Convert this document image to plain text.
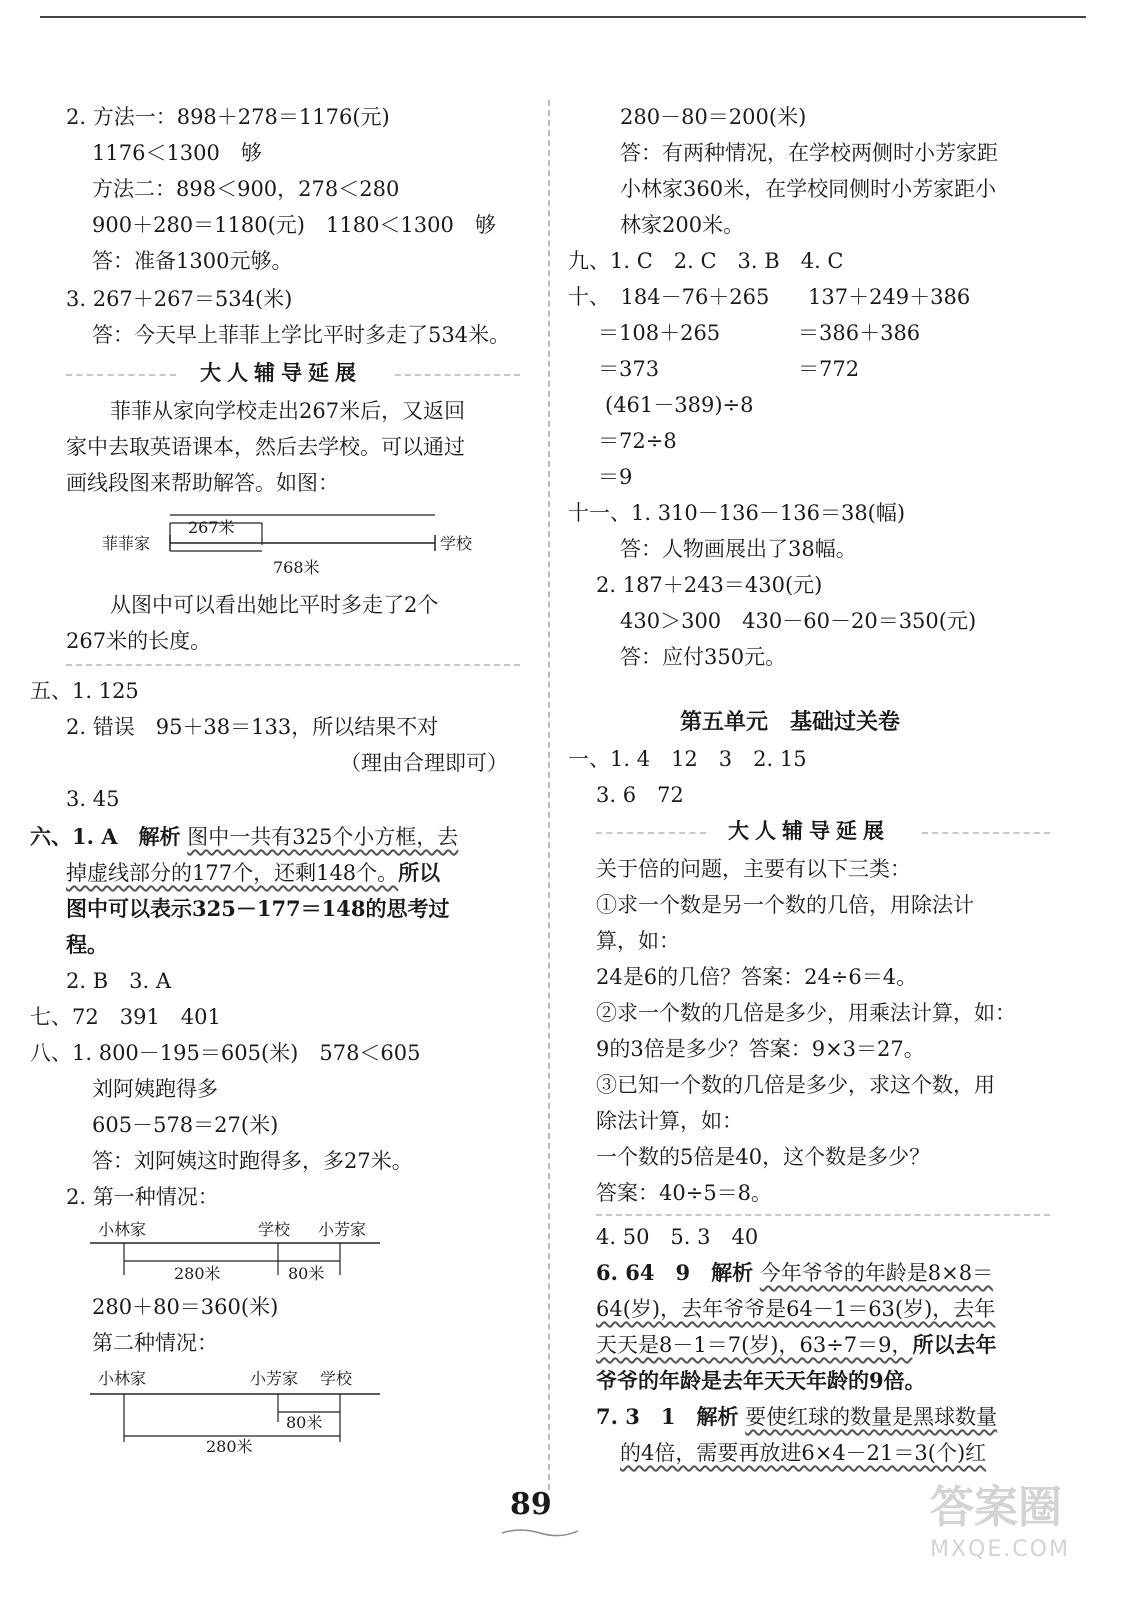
2. 方法一：898＋278＝1176(元)
1176＜1300　够
方法二：898＜900，278＜280
900＋280＝1180(元)　1180＜1300　够
答：准备1300元够。
3. 267＋267＝534(米)
答：今天早上菲菲上学比平时多走了534米。
大人辅导延展
菲菲从家向学校走出267米后，又返回
家中去取英语课本，然后去学校。可以通过
画线段图来帮助解答。如图：
267米
菲菲家	学校
768米
从图中可以看出她比平时多走了2个
267米的长度。
五、1. 125
2. 错误　95＋38＝133，所以结果不对
（理由合理即可）
3. 45
六、1. A　解析 图中一共有325个小方框，去
掉虚线部分的177个，还剩148个。所以
图中可以表示325－177＝148的思考过
程。
2. B　3. A
七、72　391　401
八、1. 800－195＝605(米)　578＜605
刘阿姨跑得多
605－578＝27(米)
答：刘阿姨这时跑得多，多27米。
2. 第一种情况：
小林家	学校 小芳家
280米	80米
280＋80＝360(米)
第二种情况：
小林家	小芳家 学校
80米
280米
280－80＝200(米)
答：有两种情况，在学校两侧时小芳家距
小林家360米，在学校同侧时小芳家距小
林家200米。
九、1. C　2. C　3. B　4. C
十、　184－76＋265 137＋249＋386
＝108＋265	＝386＋386
＝373	＝772
(461－389)÷8
＝72÷8
＝9
十一、1. 310－136－136＝38(幅)
答：人物画展出了38幅。
2. 187＋243＝430(元)
430＞300　430－60－20＝350(元)
答：应付350元。
第五单元　基础过关卷
一、1. 4　12　3　2. 15
3. 6　72
大人辅导延展
关于倍的问题，主要有以下三类：
①求一个数是另一个数的几倍，用除法计
算，如：
24是6的几倍？答案：24÷6＝4。
②求一个数的几倍是多少，用乘法计算，如：
9的3倍是多少？答案：9×3＝27。
③已知一个数的几倍是多少，求这个数，用
除法计算，如：
一个数的5倍是40，这个数是多少？
答案：40÷5＝8。
4. 50　5. 3　40
6. 64　9　解析 今年爷爷的年龄是8×8＝
64(岁)，去年爷爷是64－1＝63(岁)，去年
天天是8－1＝7(岁)，63÷7＝9，所以去年
爷爷的年龄是去年天天年龄的9倍。
7. 3　1　解析 要使红球的数量是黑球数量
的4倍，需要再放进6×4－21＝3(个)红
89	答案圈
MXQE.COM
